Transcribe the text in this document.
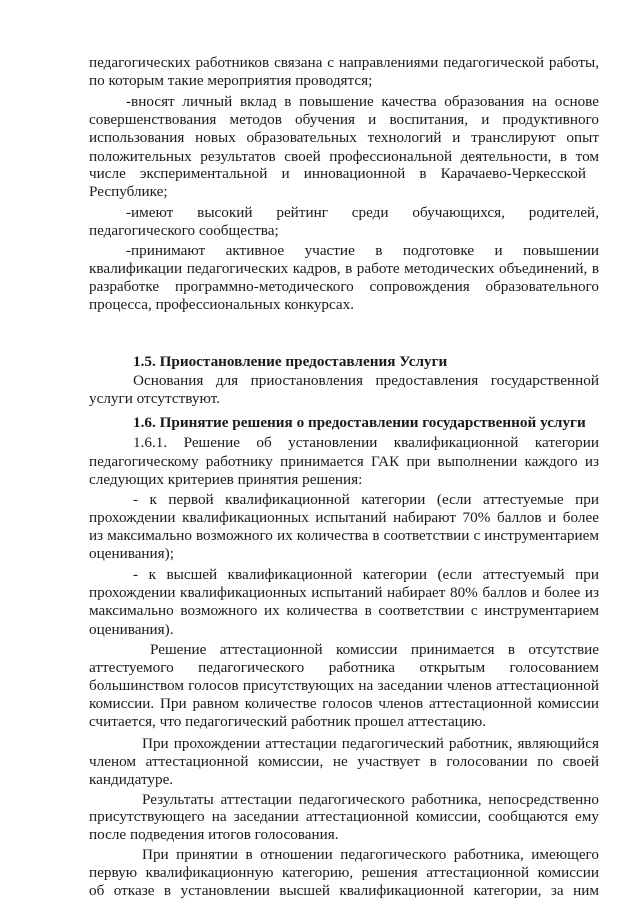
педагогических работников связана с направлениями педагогической работы,
по которым такие мероприятия проводятся;
-вносят личный вклад в повышение качества образования на основе
совершенствования методов обучения и воспитания, и продуктивного
использования новых образовательных технологий и транслируют опыт
положительных результатов своей профессиональной деятельности, в том
числе экспериментальной и инновационной в Карачаево-Черкесской
Республике;
-имеют высокий рейтинг среди обучающихся, родителей,
педагогического сообщества;
-принимают активное участие в подготовке и повышении
квалификации педагогических кадров, в работе методических объединений, в
разработке программно-методического сопровождения образовательного
процесса, профессиональных конкурсах.
1.5. Приостановление предоставления Услуги
Основания для приостановления предоставления государственной
услуги отсутствуют.
1.6. Принятие решения о предоставлении государственной услуги
1.6.1. Решение об установлении квалификационной категории
педагогическому работнику принимается ГАК при выполнении каждого из
следующих критериев принятия решения:
- к первой квалификационной категории (если аттестуемые при
прохождении квалификационных испытаний набирают 70% баллов и более
из максимально возможного их количества в соответствии с инструментарием
оценивания);
- к высшей квалификационной категории (если аттестуемый при
прохождении квалификационных испытаний набирает 80% баллов и более из
максимально возможного их количества в соответствии с инструментарием
оценивания).
Решение аттестационной комиссии принимается в отсутствие
аттестуемого педагогического работника открытым голосованием
большинством голосов присутствующих на заседании членов аттестационной
комиссии. При равном количестве голосов членов аттестационной комиссии
считается, что педагогический работник прошел аттестацию.
При прохождении аттестации педагогический работник, являющийся
членом аттестационной комиссии, не участвует в голосовании по своей
кандидатуре.
Результаты аттестации педагогического работника, непосредственно
присутствующего на заседании аттестационной комиссии, сообщаются ему
после подведения итогов голосования.
При принятии в отношении педагогического работника, имеющего
первую квалификационную категорию, решения аттестационной комиссии
об отказе в установлении высшей квалификационной категории, за ним
